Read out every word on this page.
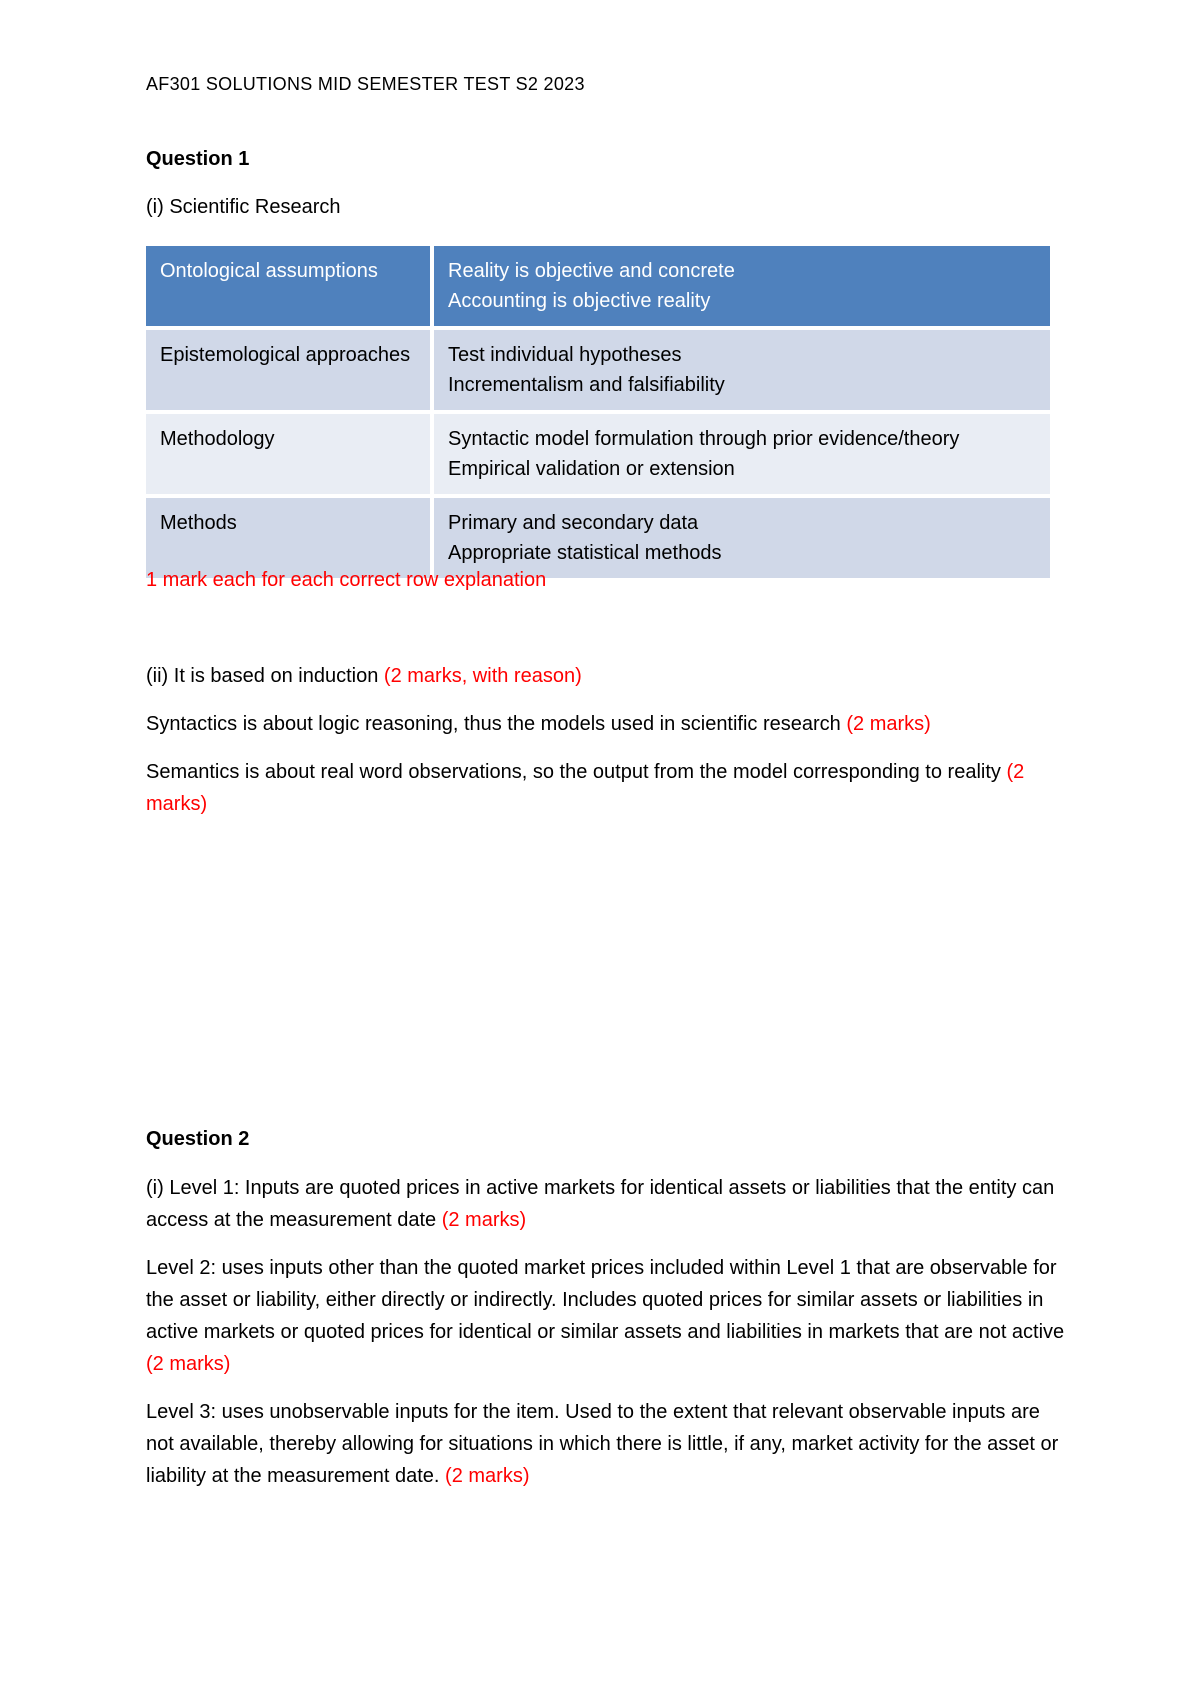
AF301 SOLUTIONS MID SEMESTER TEST S2 2023
Question 1
(i) Scientific Research
Ontological assumptions	Reality is objective and concrete
Accounting is objective reality

Epistemological approaches	Test individual hypotheses
Incrementalism and falsifiability

Methodology	Syntactic model formulation through prior evidence/theory
Empirical validation or extension

Methods	Primary and secondary data
Appropriate statistical methods
1 mark each for each correct row explanation
(ii) It is based on induction (2 marks, with reason)
Syntactics is about logic reasoning, thus the models used in scientific research (2 marks)
Semantics is about real word observations, so the output from the model corresponding to reality (2 marks)
Question 2
(i) Level 1: Inputs are quoted prices in active markets for identical assets or liabilities that the entity can access at the measurement date (2 marks)
Level 2: uses inputs other than the quoted market prices included within Level 1 that are observable for the asset or liability, either directly or indirectly. Includes quoted prices for similar assets or liabilities in active markets or quoted prices for identical or similar assets and liabilities in markets that are not active (2 marks)
Level 3: uses unobservable inputs for the item. Used to the extent that relevant observable inputs are not available, thereby allowing for situations in which there is little, if any, market activity for the asset or liability at the measurement date. (2 marks)
